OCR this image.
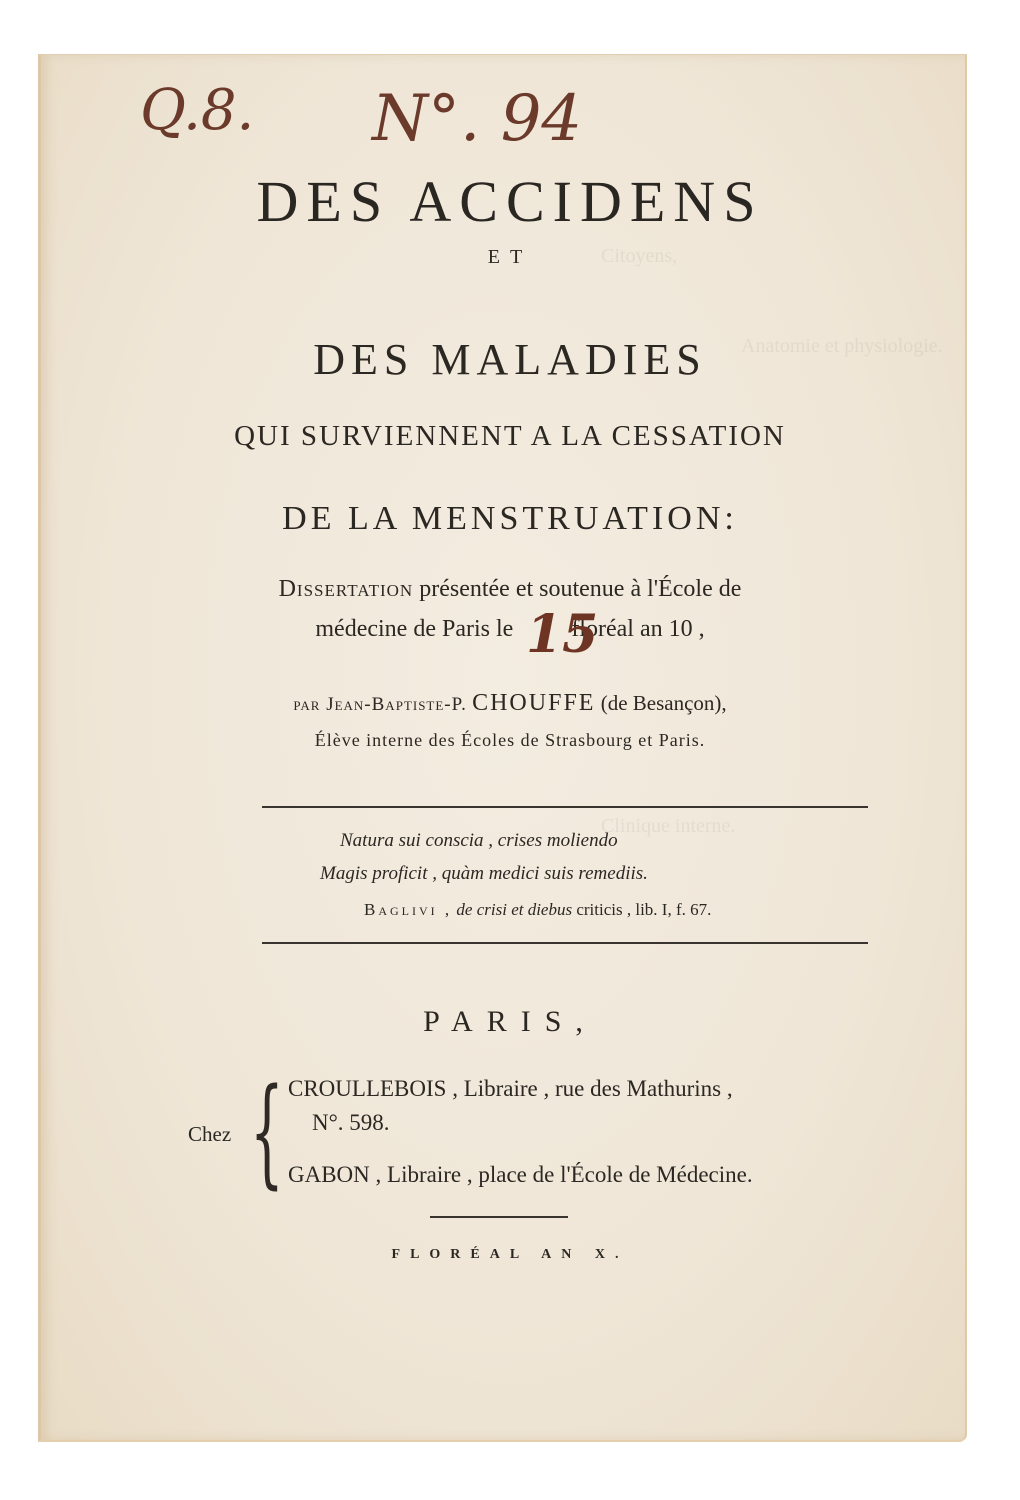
Citoyens,
Anatomie et physiologie.
Clinique interne.
Q.8. N°. 94
DES ACCIDENS
ET
DES MALADIES
QUI SURVIENNENT A LA CESSATION
DE LA MENSTRUATION:
Dissertation présentée et soutenue à l'École de
médecine de Paris le floréal an 10 ,
15
par Jean-Baptiste-P. CHOUFFE (de Besançon),
Élève interne des Écoles de Strasbourg et Paris.
Natura sui conscia , crises moliendo
Magis proficit , quàm medici suis remediis.
Baglivi , de crisi et diebus criticis , lib. I, f. 67.
PARIS,
Chez { CROULLEBOIS , Libraire , rue des Mathurins ,
N°. 598.
GABON , Libraire , place de l'École de Médecine.
FLORÉAL AN X.
